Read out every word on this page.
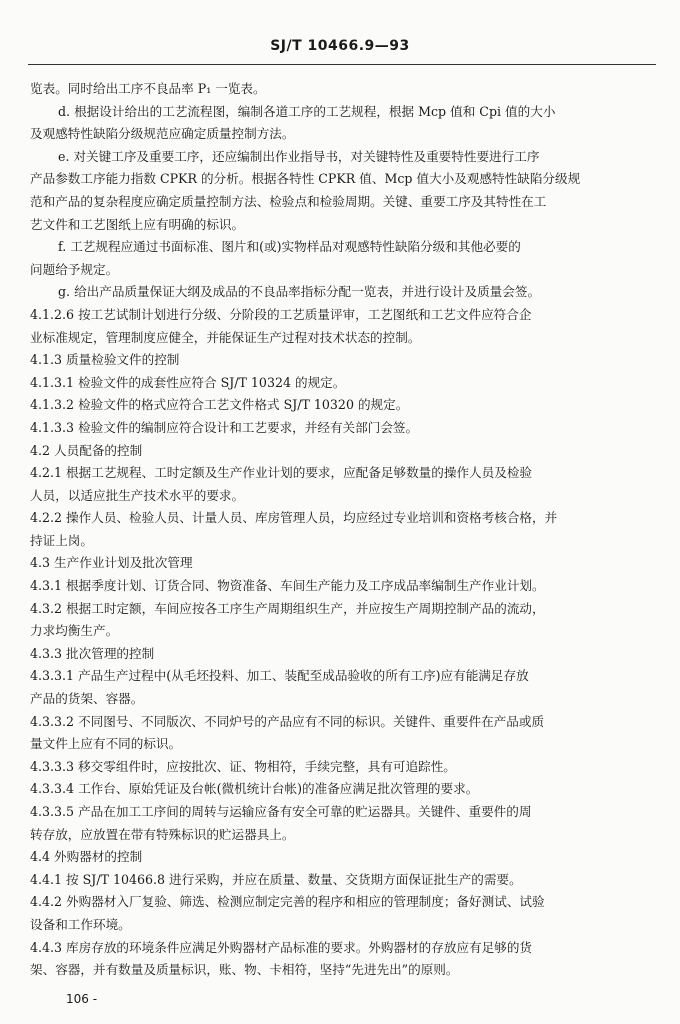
SJ/T 10466.9—93
览表。同时给出工序不良品率 P₁ 一览表。
d. 根据设计给出的工艺流程图，编制各道工序的工艺规程，根据 Mcp 值和 Cpi 值的大小
及观感特性缺陷分级规范应确定质量控制方法。
e. 对关键工序及重要工序，还应编制出作业指导书，对关键特性及重要特性要进行工序
产品参数工序能力指数 CPKR 的分析。根据各特性 CPKR 值、Mcp 值大小及观感特性缺陷分级规
范和产品的复杂程度应确定质量控制方法、检验点和检验周期。关键、重要工序及其特性在工
艺文件和工艺图纸上应有明确的标识。
f. 工艺规程应通过书面标准、图片和(或)实物样品对观感特性缺陷分级和其他必要的
问题给予规定。
g. 给出产品质量保证大纲及成品的不良品率指标分配一览表，并进行设计及质量会签。
4.1.2.6 按工艺试制计划进行分级、分阶段的工艺质量评审，工艺图纸和工艺文件应符合企
业标准规定，管理制度应健全，并能保证生产过程对技术状态的控制。
4.1.3 质量检验文件的控制
4.1.3.1 检验文件的成套性应符合 SJ/T 10324 的规定。
4.1.3.2 检验文件的格式应符合工艺文件格式 SJ/T 10320 的规定。
4.1.3.3 检验文件的编制应符合设计和工艺要求，并经有关部门会签。
4.2 人员配备的控制
4.2.1 根据工艺规程、工时定额及生产作业计划的要求，应配备足够数量的操作人员及检验
人员，以适应批生产技术水平的要求。
4.2.2 操作人员、检验人员、计量人员、库房管理人员，均应经过专业培训和资格考核合格，并
持证上岗。
4.3 生产作业计划及批次管理
4.3.1 根据季度计划、订货合同、物资准备、车间生产能力及工序成品率编制生产作业计划。
4.3.2 根据工时定额，车间应按各工序生产周期组织生产，并应按生产周期控制产品的流动，
力求均衡生产。
4.3.3 批次管理的控制
4.3.3.1 产品生产过程中(从毛坯投料、加工、装配至成品验收的所有工序)应有能满足存放
产品的货架、容器。
4.3.3.2 不同图号、不同版次、不同炉号的产品应有不同的标识。关键件、重要件在产品或质
量文件上应有不同的标识。
4.3.3.3 移交零组件时，应按批次、证、物相符，手续完整，具有可追踪性。
4.3.3.4 工作台、原始凭证及台帐(微机统计台帐)的准备应满足批次管理的要求。
4.3.3.5 产品在加工工序间的周转与运输应备有安全可靠的贮运器具。关键件、重要件的周
转存放，应放置在带有特殊标识的贮运器具上。
4.4 外购器材的控制
4.4.1 按 SJ/T 10466.8 进行采购，并应在质量、数量、交货期方面保证批生产的需要。
4.4.2 外购器材入厂复验、筛选、检测应制定完善的程序和相应的管理制度；备好测试、试验
设备和工作环境。
4.4.3 库房存放的环境条件应满足外购器材产品标准的要求。外购器材的存放应有足够的货
架、容器，并有数量及质量标识，账、物、卡相符，坚持“先进先出”的原则。
106 -
